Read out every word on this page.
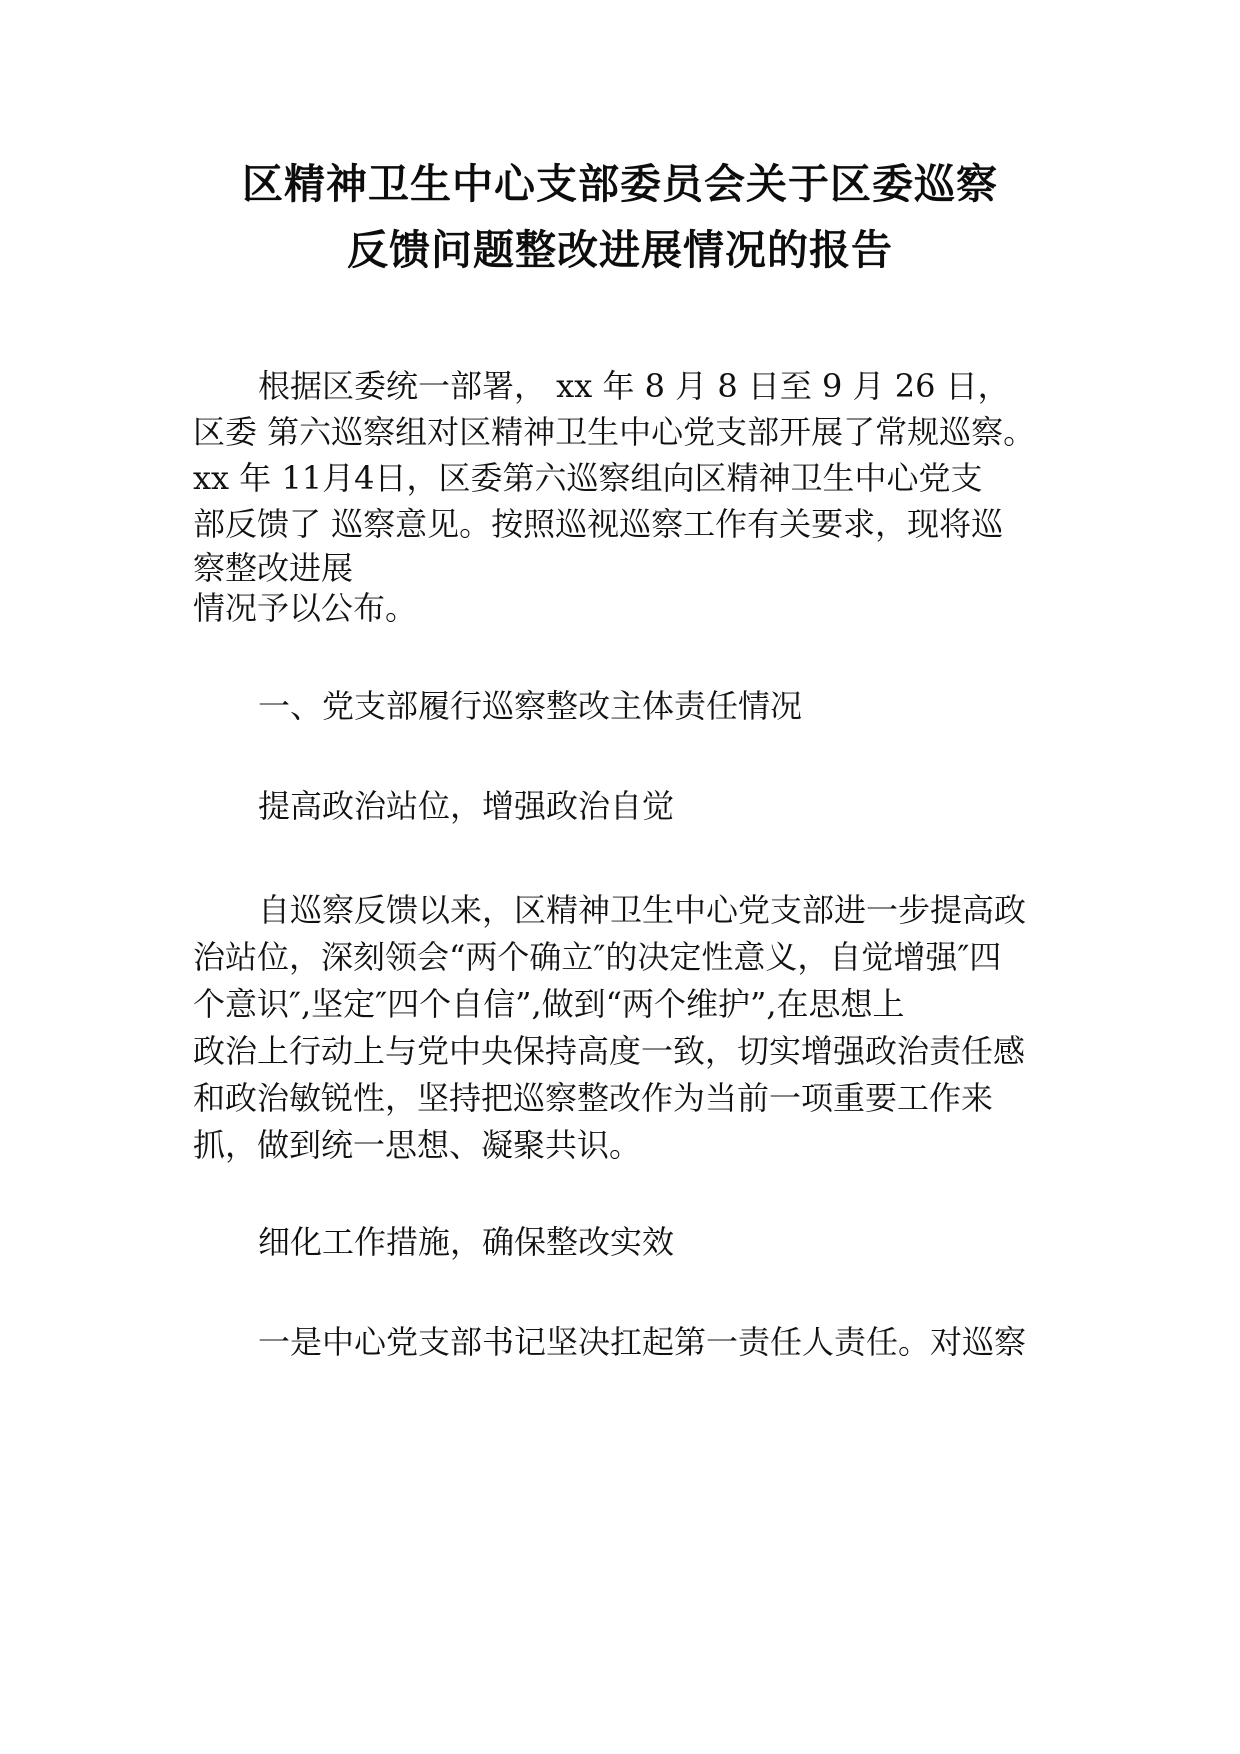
区精神卫生中心支部委员会关于区委巡察
反馈问题整改进展情况的报告

根据区委统一部署， xx 年 8 月 8 日至 9 月 26 日，

区委 第六巡察组对区精神卫生中心党支部开展了常规巡察。

xx 年 11月4日，区委第六巡察组向区精神卫生中心党支

部反馈了 巡察意见。按照巡视巡察工作有关要求，现将巡

察整改进展

情况予以公布。

一、党支部履行巡察整改主体责任情况

提高政治站位，增强政治自觉

自巡察反馈以来，区精神卫生中心党支部进一步提高政

治站位，深刻领会“两个确立″的决定性意义，自觉增强″四

个意识″,坚定″四个自信”,做到“两个维护”,在思想上

政治上行动上与党中央保持高度一致，切实增强政治责任感

和政治敏锐性，坚持把巡察整改作为当前一项重要工作来

抓，做到统一思想、凝聚共识。

细化工作措施，确保整改实效

一是中心党支部书记坚决扛起第一责任人责任。对巡察
